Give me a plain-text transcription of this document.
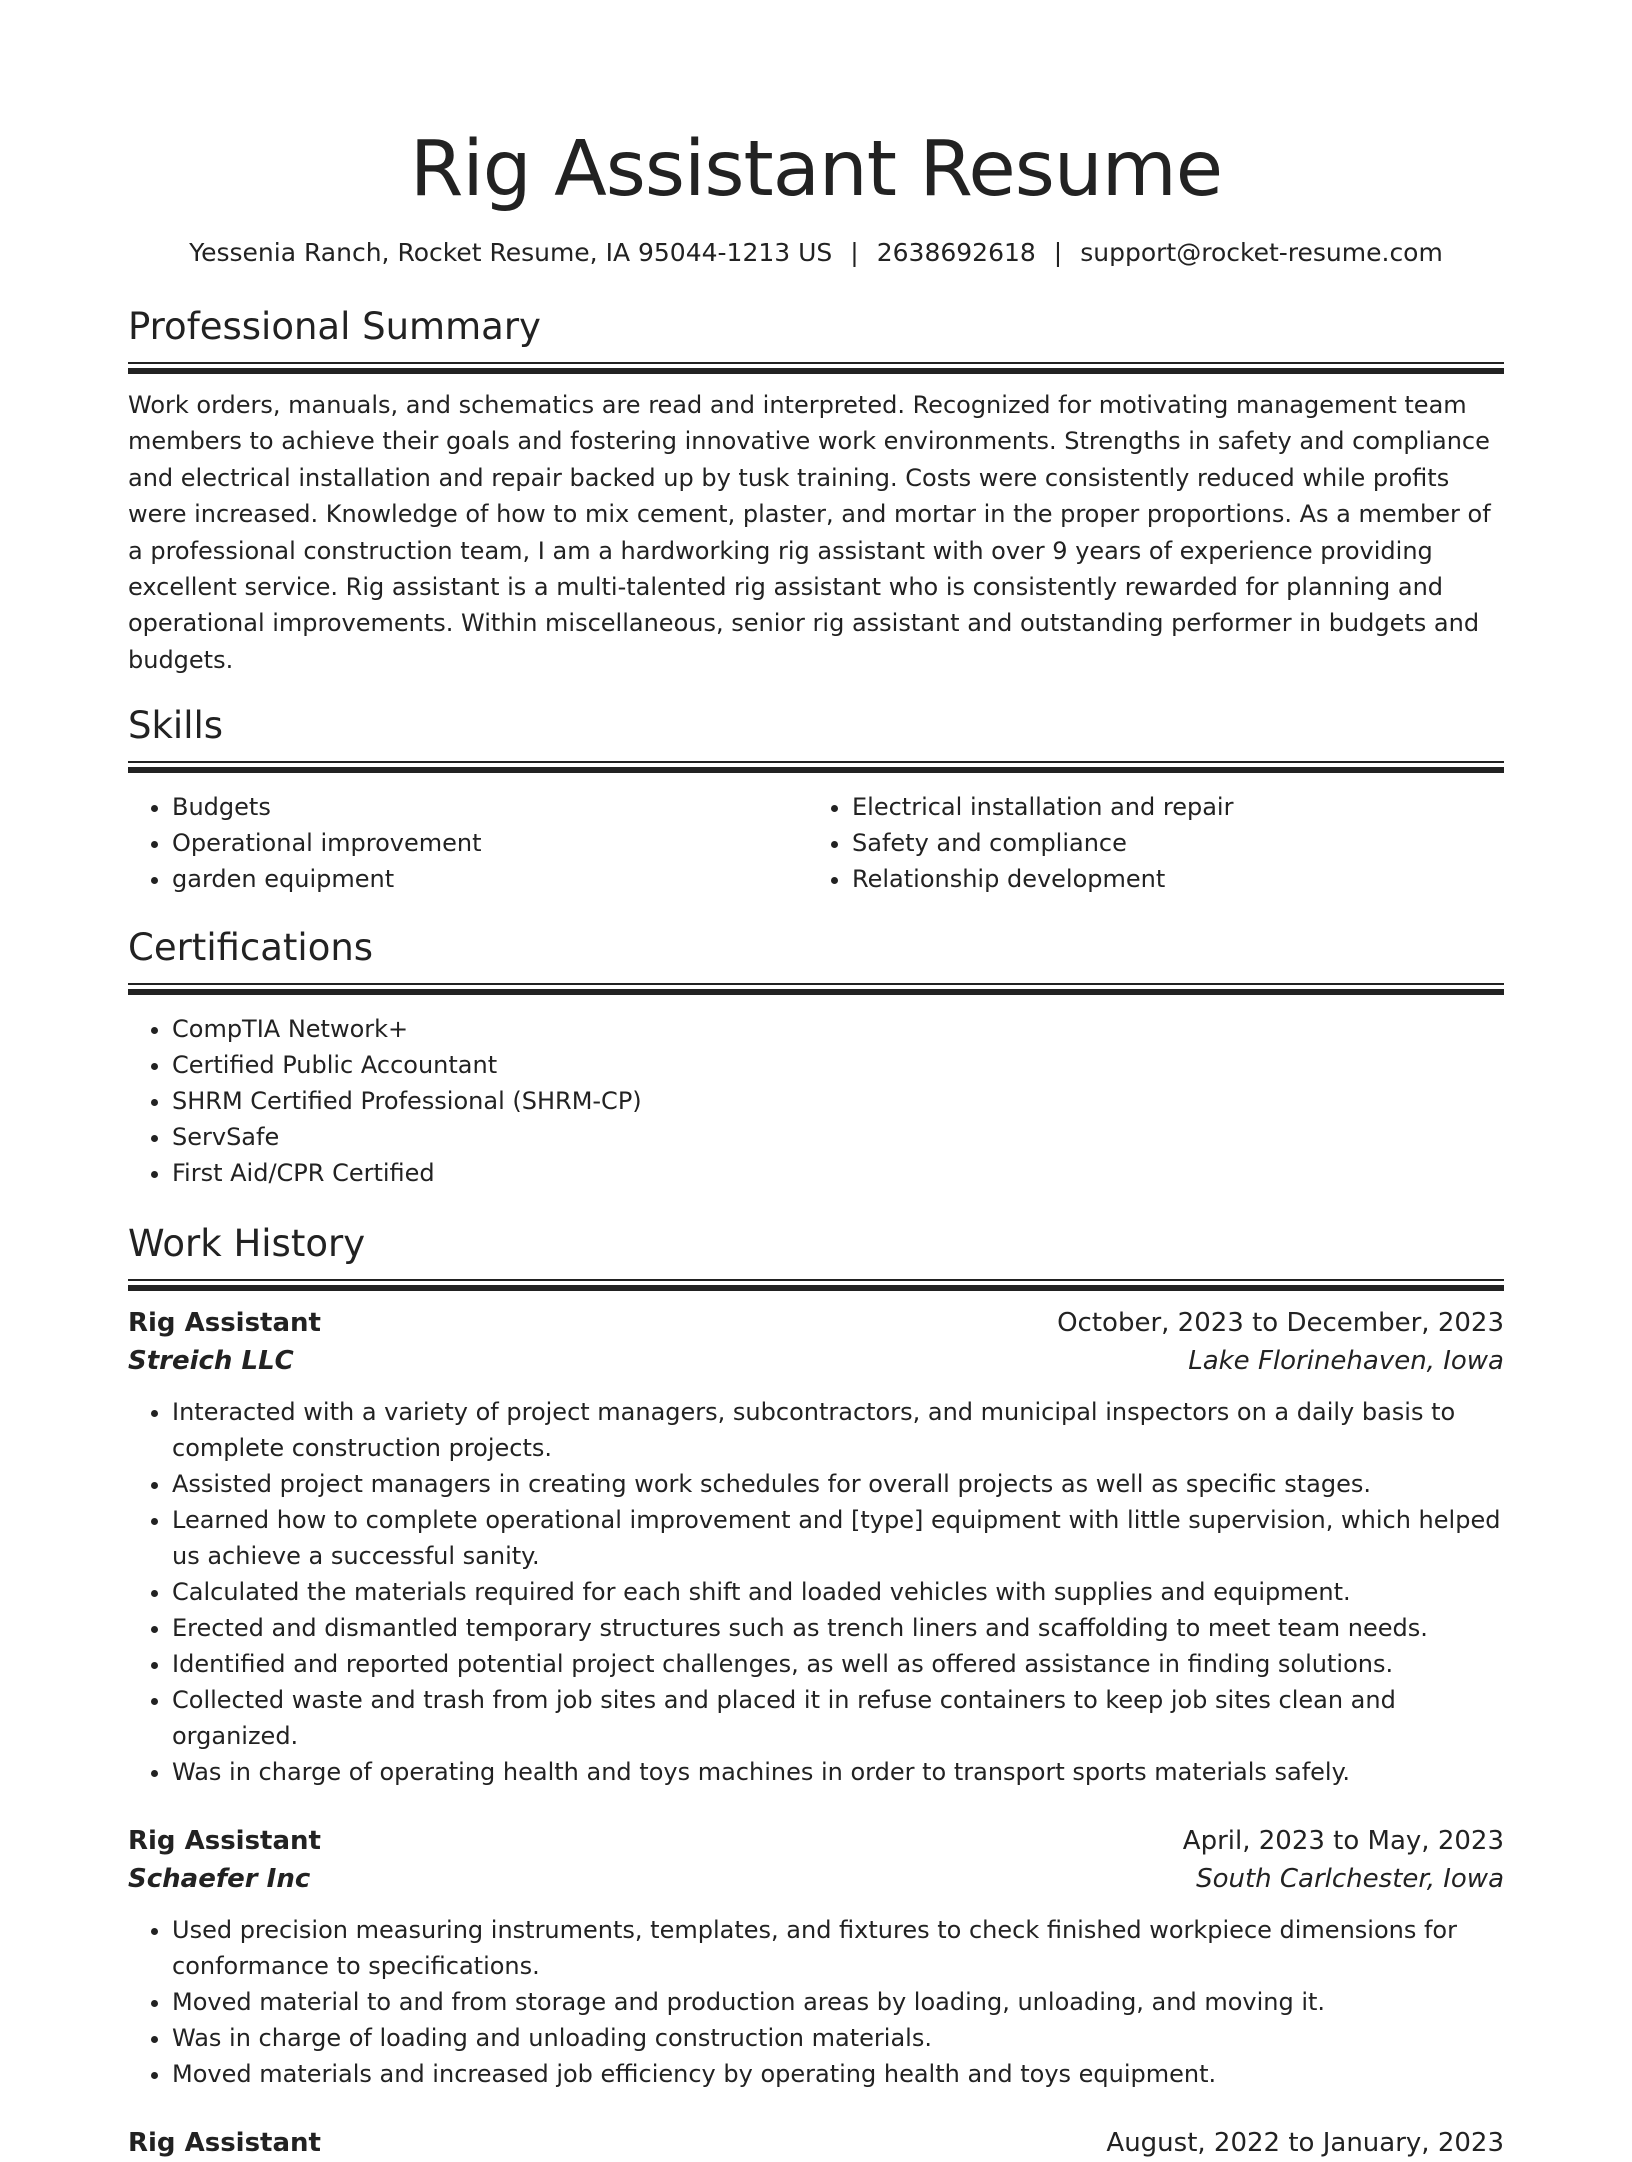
Rig Assistant Resume
Yessenia Ranch, Rocket Resume, IA 95044-1213 US | 2638692618 | support@rocket-resume.com
Professional Summary

Work orders, manuals, and schematics are read and interpreted. Recognized for motivating management team members to achieve their goals and fostering innovative work environments. Strengths in safety and compliance and electrical installation and repair backed up by tusk training. Costs were consistently reduced while profits were increased. Knowledge of how to mix cement, plaster, and mortar in the proper proportions. As a member of a professional construction team, I am a hardworking rig assistant with over 9 years of experience providing excellent service. Rig assistant is a multi-talented rig assistant who is consistently rewarded for planning and operational improvements. Within miscellaneous, senior rig assistant and outstanding performer in budgets and budgets.

Skills
• Budgets
• Operational improvement
• garden equipment
• Electrical installation and repair
• Safety and compliance
• Relationship development
Certifications
• CompTIA Network+
• Certified Public Accountant
• SHRM Certified Professional (SHRM-CP)
• ServSafe
• First Aid/CPR Certified
Work History
Rig Assistant	October, 2023 to December, 2023
Streich LLC	Lake Florinehaven, Iowa
• Interacted with a variety of project managers, subcontractors, and municipal inspectors on a daily basis to complete construction projects.
• Assisted project managers in creating work schedules for overall projects as well as specific stages.
• Learned how to complete operational improvement and [type] equipment with little supervision, which helped us achieve a successful sanity.
• Calculated the materials required for each shift and loaded vehicles with supplies and equipment.
• Erected and dismantled temporary structures such as trench liners and scaffolding to meet team needs.
• Identified and reported potential project challenges, as well as offered assistance in finding solutions.
• Collected waste and trash from job sites and placed it in refuse containers to keep job sites clean and organized.
• Was in charge of operating health and toys machines in order to transport sports materials safely.
Rig Assistant	April, 2023 to May, 2023
Schaefer Inc	South Carlchester, Iowa
• Used precision measuring instruments, templates, and fixtures to check finished workpiece dimensions for conformance to specifications.
• Moved material to and from storage and production areas by loading, unloading, and moving it.
• Was in charge of loading and unloading construction materials.
• Moved materials and increased job efficiency by operating health and toys equipment.
Rig Assistant	August, 2022 to January, 2023
